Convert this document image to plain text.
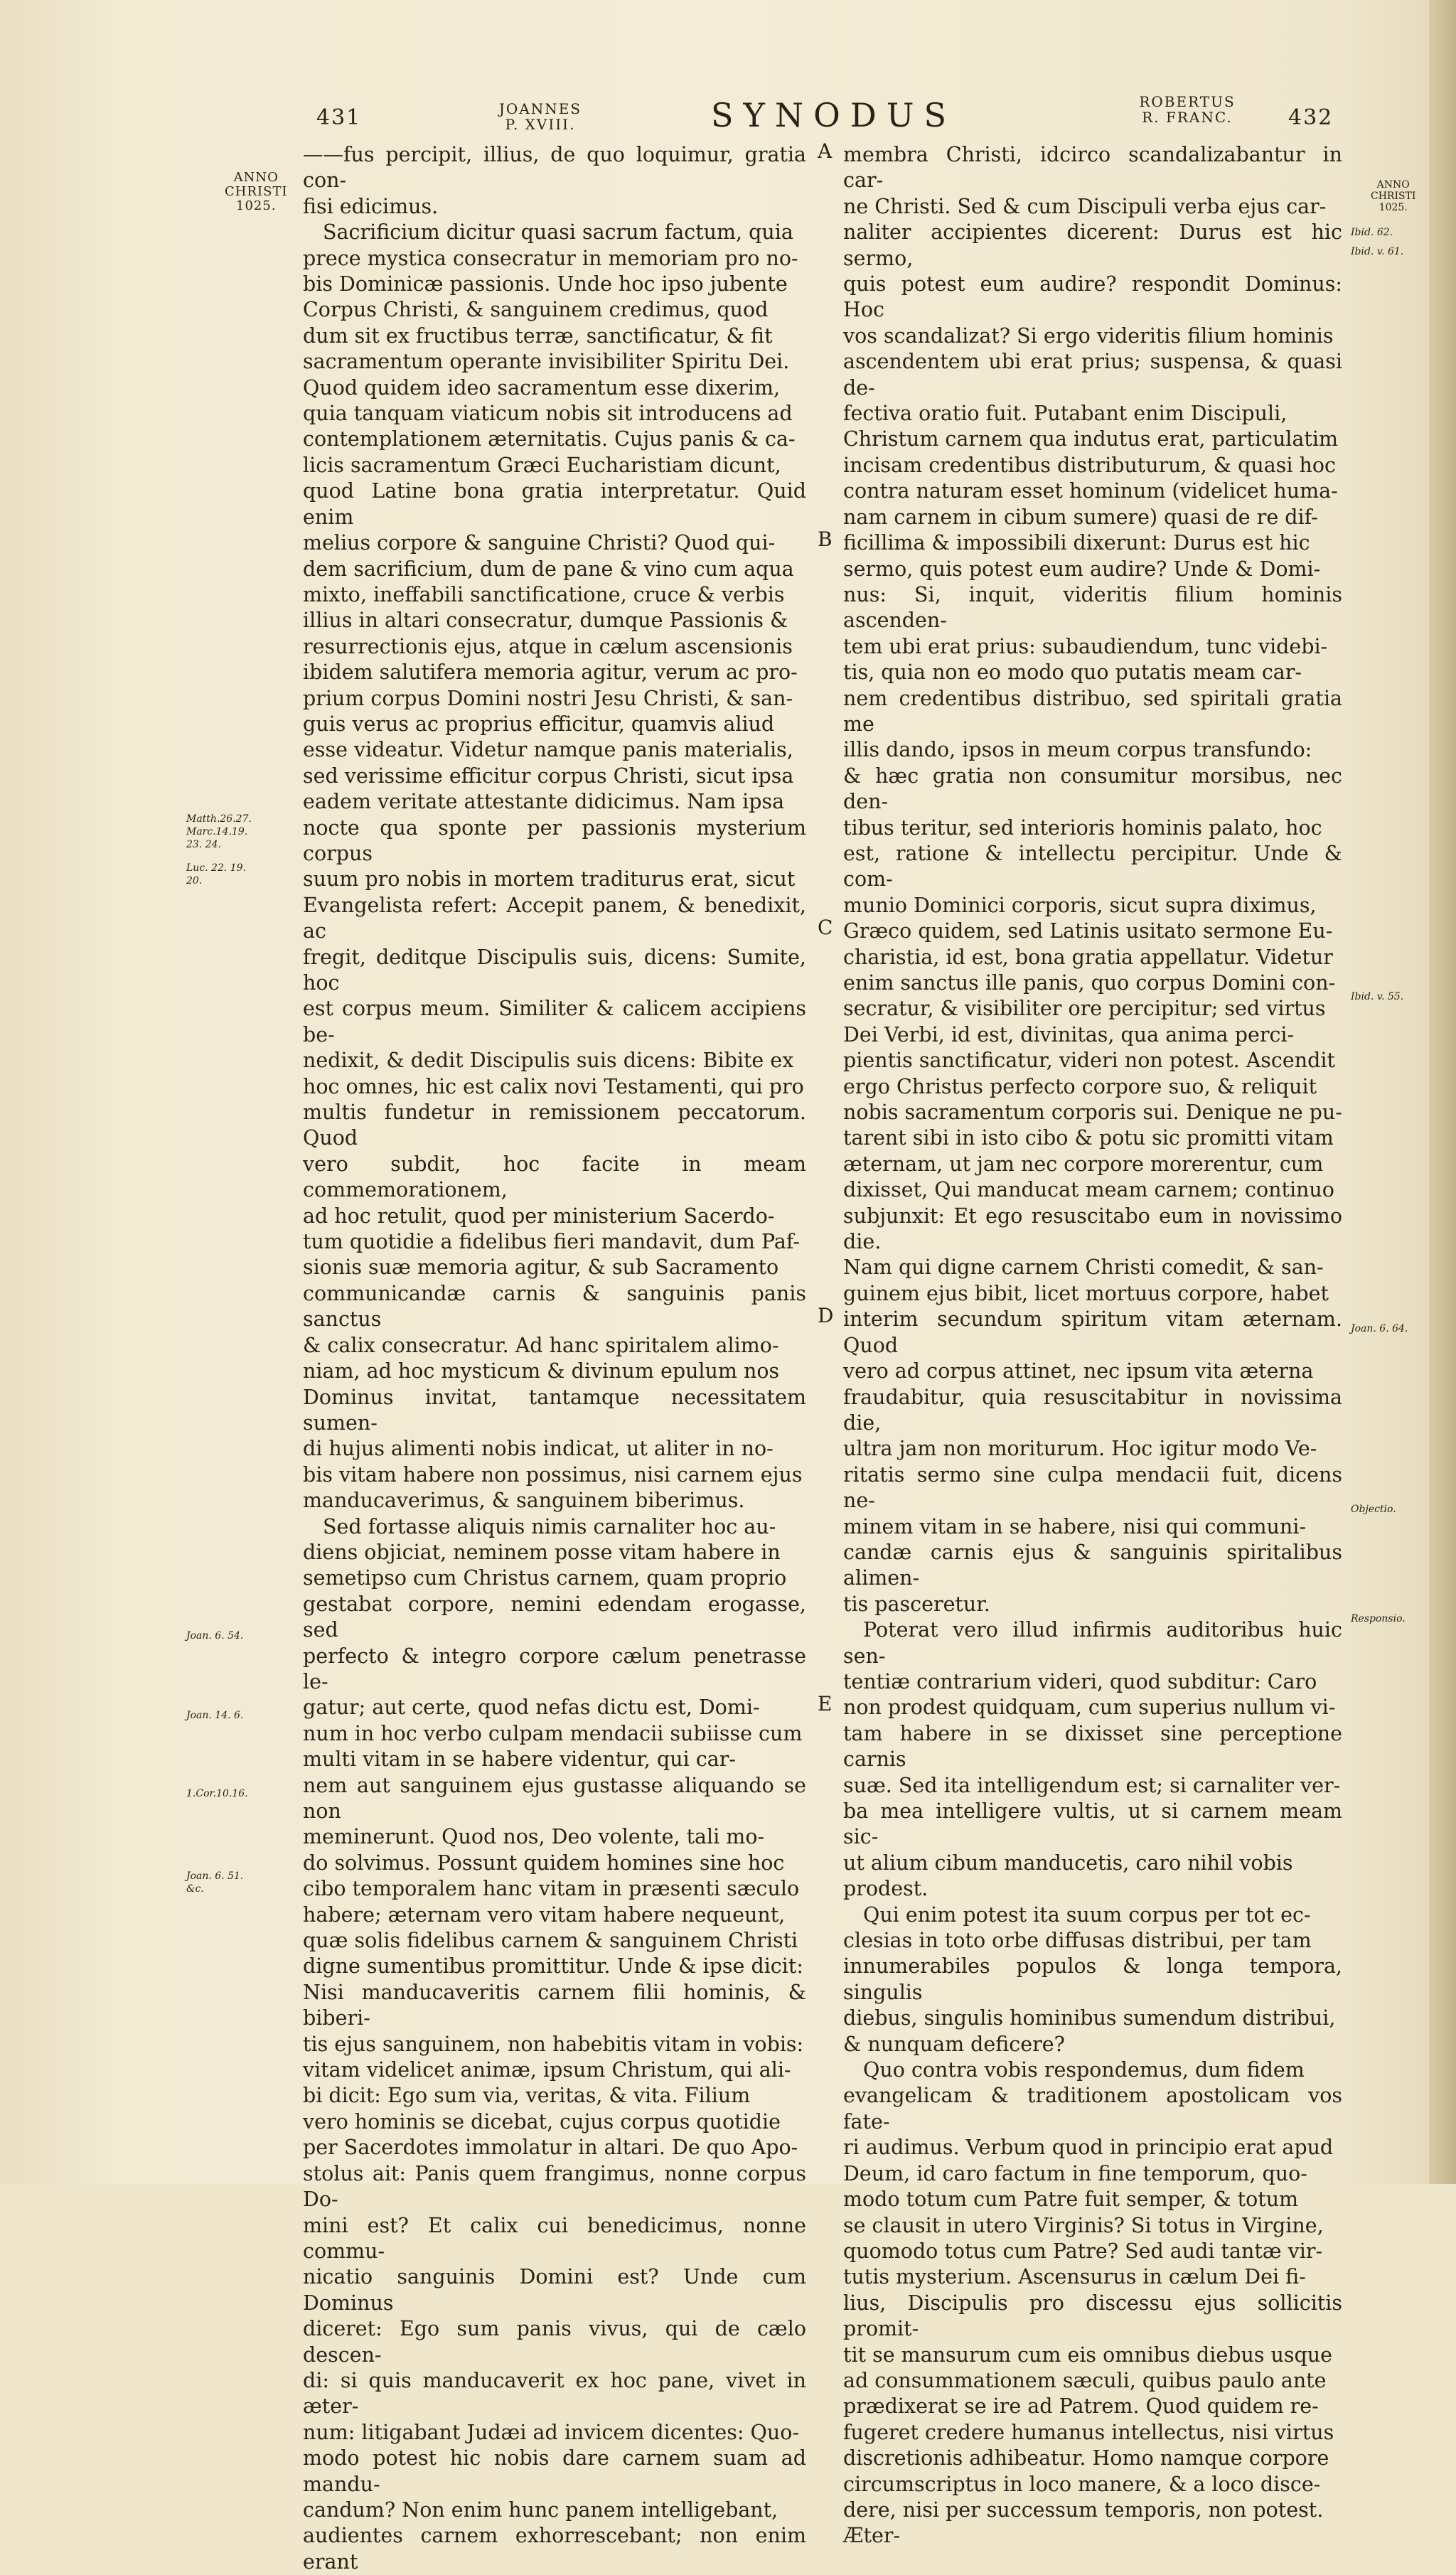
431	JOANNES
P. XVIII.	SYNODUS	ROBERTUS
R. FRANC.	432
ANNO
CHRISTI
1025.
ANNO
CHRISTI
1025.
Matth.26.27.
Marc.14.19.
23. 24.
Luc. 22. 19.
20.
Joan. 6. 54.
Joan. 14. 6.
1.Cor.10.16.
Joan. 6. 51.
&c.
Ibid. 62.
Ibid. v. 61.
Ibid. v. 55.
Joan. 6. 64.
Objectio.
Responsio.
A
B
C
D
E

——fus percipit, illius, de quo loquimur, gratia con-

fisi edicimus.

Sacrificium dicitur quasi sacrum factum, quia

prece mystica consecratur in memoriam pro no-

bis Dominicæ passionis. Unde hoc ipso jubente

Corpus Christi, & sanguinem credimus, quod

dum sit ex fructibus terræ, sanctificatur, & fit

sacramentum operante invisibiliter Spiritu Dei.

Quod quidem ideo sacramentum esse dixerim,

quia tanquam viaticum nobis sit introducens ad

contemplationem æternitatis. Cujus panis & ca-

licis sacramentum Græci Eucharistiam dicunt,

quod Latine bona gratia interpretatur. Quid enim

melius corpore & sanguine Christi? Quod qui-

dem sacrificium, dum de pane & vino cum aqua

mixto, ineffabili sanctificatione, cruce & verbis

illius in altari consecratur, dumque Passionis &

resurrectionis ejus, atque in cælum ascensionis

ibidem salutifera memoria agitur, verum ac pro-

prium corpus Domini nostri Jesu Christi, & san-

guis verus ac proprius efficitur, quamvis aliud

esse videatur. Videtur namque panis materialis,

sed verissime efficitur corpus Christi, sicut ipsa

eadem veritate attestante didicimus. Nam ipsa

nocte qua sponte per passionis mysterium corpus

suum pro nobis in mortem traditurus erat, sicut

Evangelista refert: Accepit panem, & benedixit, ac

fregit, deditque Discipulis suis, dicens: Sumite, hoc

est corpus meum. Similiter & calicem accipiens be-

nedixit, & dedit Discipulis suis dicens: Bibite ex

hoc omnes, hic est calix novi Testamenti, qui pro

multis fundetur in remissionem peccatorum. Quod

vero subdit, hoc facite in meam commemorationem,

ad hoc retulit, quod per ministerium Sacerdo-

tum quotidie a fidelibus fieri mandavit, dum Paf-

sionis suæ memoria agitur, & sub Sacramento

communicandæ carnis & sanguinis panis sanctus

& calix consecratur. Ad hanc spiritalem alimo-

niam, ad hoc mysticum & divinum epulum nos

Dominus invitat, tantamque necessitatem sumen-

di hujus alimenti nobis indicat, ut aliter in no-

bis vitam habere non possimus, nisi carnem ejus

manducaverimus, & sanguinem biberimus.

Sed fortasse aliquis nimis carnaliter hoc au-

diens objiciat, neminem posse vitam habere in

semetipso cum Christus carnem, quam proprio

gestabat corpore, nemini edendam erogasse, sed

perfecto & integro corpore cælum penetrasse le-

gatur; aut certe, quod nefas dictu est, Domi-

num in hoc verbo culpam mendacii subiisse cum

multi vitam in se habere videntur, qui car-

nem aut sanguinem ejus gustasse aliquando se non

meminerunt. Quod nos, Deo volente, tali mo-

do solvimus. Possunt quidem homines sine hoc

cibo temporalem hanc vitam in præsenti sæculo

habere; æternam vero vitam habere nequeunt,

quæ solis fidelibus carnem & sanguinem Christi

digne sumentibus promittitur. Unde & ipse dicit:

Nisi manducaveritis carnem filii hominis, & biberi-

tis ejus sanguinem, non habebitis vitam in vobis:

vitam videlicet animæ, ipsum Christum, qui ali-

bi dicit: Ego sum via, veritas, & vita. Filium

vero hominis se dicebat, cujus corpus quotidie

per Sacerdotes immolatur in altari. De quo Apo-

stolus ait: Panis quem frangimus, nonne corpus Do-

mini est? Et calix cui benedicimus, nonne commu-

nicatio sanguinis Domini est? Unde cum Dominus

diceret: Ego sum panis vivus, qui de cælo descen-

di: si quis manducaverit ex hoc pane, vivet in æter-

num: litigabant Judæi ad invicem dicentes: Quo-

modo potest hic nobis dare carnem suam ad mandu-

candum? Non enim hunc panem intelligebant,

audientes carnem exhorrescebant; non enim erant

membra Christi, idcirco scandalizabantur in car-

ne Christi. Sed & cum Discipuli verba ejus car-

naliter accipientes dicerent: Durus est hic sermo,

quis potest eum audire? respondit Dominus: Hoc

vos scandalizat? Si ergo videritis filium hominis

ascendentem ubi erat prius; suspensa, & quasi de-

fectiva oratio fuit. Putabant enim Discipuli,

Christum carnem qua indutus erat, particulatim

incisam credentibus distributurum, & quasi hoc

contra naturam esset hominum (videlicet huma-

nam carnem in cibum sumere) quasi de re dif-

ficillima & impossibili dixerunt: Durus est hic

sermo, quis potest eum audire? Unde & Domi-

nus: Si, inquit, videritis filium hominis ascenden-

tem ubi erat prius: subaudiendum, tunc videbi-

tis, quia non eo modo quo putatis meam car-

nem credentibus distribuo, sed spiritali gratia me

illis dando, ipsos in meum corpus transfundo:

& hæc gratia non consumitur morsibus, nec den-

tibus teritur, sed interioris hominis palato, hoc

est, ratione & intellectu percipitur. Unde & com-

munio Dominici corporis, sicut supra diximus,

Græco quidem, sed Latinis usitato sermone Eu-

charistia, id est, bona gratia appellatur. Videtur

enim sanctus ille panis, quo corpus Domini con-

secratur, & visibiliter ore percipitur; sed virtus

Dei Verbi, id est, divinitas, qua anima perci-

pientis sanctificatur, videri non potest. Ascendit

ergo Christus perfecto corpore suo, & reliquit

nobis sacramentum corporis sui. Denique ne pu-

tarent sibi in isto cibo & potu sic promitti vitam

æternam, ut jam nec corpore morerentur, cum

dixisset, Qui manducat meam carnem; continuo

subjunxit: Et ego resuscitabo eum in novissimo die.

Nam qui digne carnem Christi comedit, & san-

guinem ejus bibit, licet mortuus corpore, habet

interim secundum spiritum vitam æternam. Quod

vero ad corpus attinet, nec ipsum vita æterna

fraudabitur, quia resuscitabitur in novissima die,

ultra jam non moriturum. Hoc igitur modo Ve-

ritatis sermo sine culpa mendacii fuit, dicens ne-

minem vitam in se habere, nisi qui communi-

candæ carnis ejus & sanguinis spiritalibus alimen-

tis pasceretur.

Poterat vero illud infirmis auditoribus huic sen-

tentiæ contrarium videri, quod subditur: Caro

non prodest quidquam, cum superius nullum vi-

tam habere in se dixisset sine perceptione carnis

suæ. Sed ita intelligendum est; si carnaliter ver-

ba mea intelligere vultis, ut si carnem meam sic-

ut alium cibum manducetis, caro nihil vobis

prodest.

Qui enim potest ita suum corpus per tot ec-

clesias in toto orbe diffusas distribui, per tam

innumerabiles populos & longa tempora, singulis

diebus, singulis hominibus sumendum distribui,

& nunquam deficere?

Quo contra vobis respondemus, dum fidem

evangelicam & traditionem apostolicam vos fate-

ri audimus. Verbum quod in principio erat apud

Deum, id caro factum in fine temporum, quo-

modo totum cum Patre fuit semper, & totum

se clausit in utero Virginis? Si totus in Virgine,

quomodo totus cum Patre? Sed audi tantæ vir-

tutis mysterium. Ascensurus in cælum Dei fi-

lius, Discipulis pro discessu ejus sollicitis promit-

tit se mansurum cum eis omnibus diebus usque

ad consummationem sæculi, quibus paulo ante

prædixerat se ire ad Patrem. Quod quidem re-

fugeret credere humanus intellectus, nisi virtus

discretionis adhibeatur. Homo namque corpore

circumscriptus in loco manere, & a loco disce-

dere, nisi per successum temporis, non potest.

Æter-
